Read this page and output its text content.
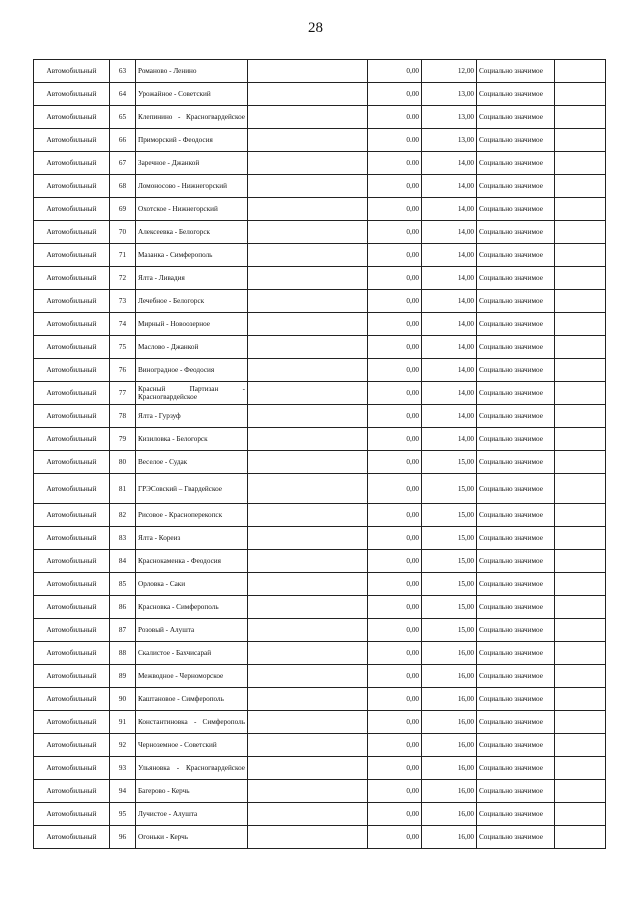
28
Автомобильный	63	Романово - Ленино		0,00	12,00	Социально значимое	
Автомобильный	64	Урожайное - Советский		0,00	13,00	Социально значимое	
Автомобильный	65	Клепинино - Красногвардейское		0.00	13,00	Социально значимое	
Автомобильный	66	Приморский - Феодосия		0.00	13,00	Социально значимое	
Автомобильный	67	Заречное - Джанкой		0.00	14,00	Социально значимое	
Автомобильный	68	Ломоносово - Нижнегорский		0,00	14,00	Социально значимое	
Автомобильный	69	Охотское - Нижнегорский		0,00	14,00	Социально значимое	
Автомобильный	70	Алексеевка - Белогорск		0,00	14,00	Социально значимое	
Автомобильный	71	Мазанка - Симферополь		0,00	14,00	Социально значимое	
Автомобильный	72	Ялта - Ливадия		0,00	14,00	Социально значимое	
Автомобильный	73	Лечебное - Белогорск		0,00	14,00	Социально значимое	
Автомобильный	74	Мирный - Новоозерное		0,00	14,00	Социально значимое	
Автомобильный	75	Маслово - Джанкой		0,00	14,00	Социально значимое	
Автомобильный	76	Виноградное - Феодосия		0,00	14,00	Социально значимое	
Автомобильный	77	Красный Партизан - Красногвардейское		0,00	14,00	Социально значимое	
Автомобильный	78	Ялта - Гурзуф		0,00	14,00	Социально значимое	
Автомобильный	79	Кизиловка - Белогорск		0,00	14,00	Социально значимое	
Автомобильный	80	Веселое - Судак		0,00	15,00	Социально значимое	
Автомобильный	81	ГРЭСовский – Гвардейское		0,00	15,00	Социально значимое	
Автомобильный	82	Рисовое - Красноперекопск		0,00	15,00	Социально значимое	
Автомобильный	83	Ялта - Кореиз		0,00	15,00	Социально значимое	
Автомобильный	84	Краснокаменка - Феодосия		0,00	15,00	Социально значимое	
Автомобильный	85	Орловка - Саки		0,00	15,00	Социально значимое	
Автомобильный	86	Красновка - Симферополь		0,00	15,00	Социально значимое	
Автомобильный	87	Розовый - Алушта		0,00	15,00	Социально значимое	
Автомобильный	88	Скалистое - Бахчисарай		0,00	16,00	Социально значимое	
Автомобильный	89	Межводное - Черноморское		0,00	16,00	Социально значимое	
Автомобильный	90	Каштановое - Симферополь		0,00	16,00	Социально значимое	
Автомобильный	91	Константиновка - Симферополь		0,00	16,00	Социально значимое	
Автомобильный	92	Черноземное - Советский		0,00	16,00	Социально значимое	
Автомобильный	93	Ульяновка - Красногвардейское		0,00	16,00	Социально значимое	
Автомобильный	94	Багерово - Керчь		0,00	16,00	Социально значимое	
Автомобильный	95	Лучистое - Алушта		0,00	16,00	Социально значимое	
Автомобильный	96	Огоньки - Керчь		0,00	16,00	Социально значимое	
